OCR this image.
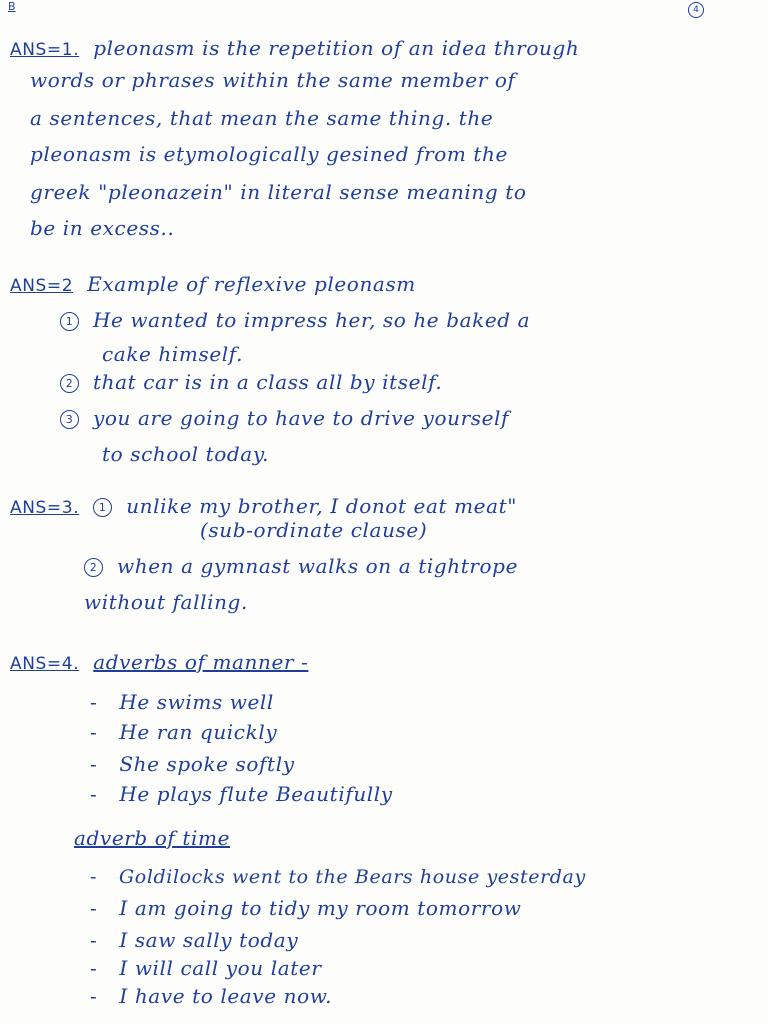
B	4
ANS=1. pleonasm is the repetition of an idea through
words or phrases within the same member of
a sentences, that mean the same thing. the
pleonasm is etymologically gesined from the
greek "pleonazein" in literal sense meaning to
be in excess..
ANS=2 Example of reflexive pleonasm
1 He wanted to impress her, so he baked a
cake himself.
2 that car is in a class all by itself.
3 you are going to have to drive yourself
to school today.
ANS=3. 1 unlike my brother, I donot eat meat"
(sub-ordinate clause)
2 when a gymnast walks on a tightrope
without falling.
ANS=4. adverbs of manner -
- He swims well
- He ran quickly
- She spoke softly
- He plays flute Beautifully
adverb of time
- Goldilocks went to the Bears house yesterday
- I am going to tidy my room tomorrow
- I saw sally today
- I will call you later
- I have to leave now.
